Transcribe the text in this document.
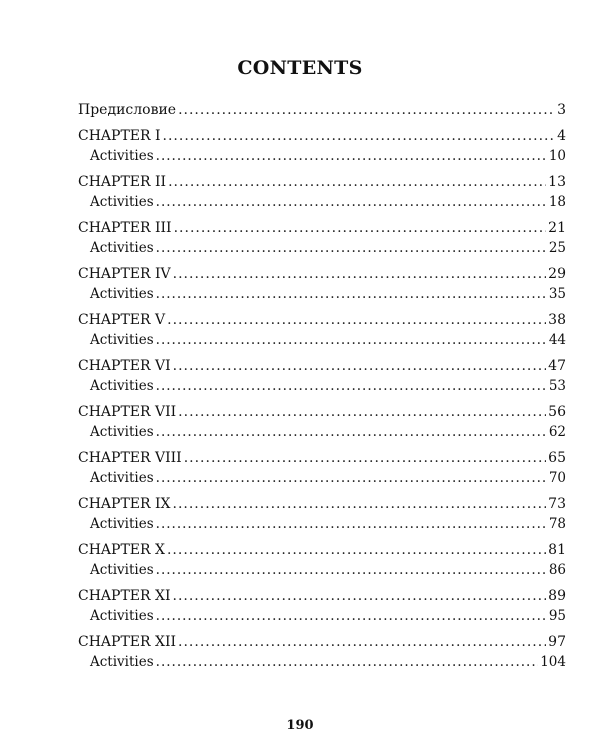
CONTENTS
Предисловие .....	3
CHAPTER I .....	4
Activities .....	10
CHAPTER II .....	13
Activities .....	18
CHAPTER III .....	21
Activities .....	25
CHAPTER IV .....	29
Activities .....	35
CHAPTER V .....	38
Activities .....	44
CHAPTER VI .....	47
Activities .....	53
CHAPTER VII .....	56
Activities .....	62
CHAPTER VIII .....	65
Activities .....	70
CHAPTER IX .....	73
Activities .....	78
CHAPTER X .....	81
Activities .....	86
CHAPTER XI .....	89
Activities .....	95
CHAPTER XII .....	97
Activities .....	104
190
